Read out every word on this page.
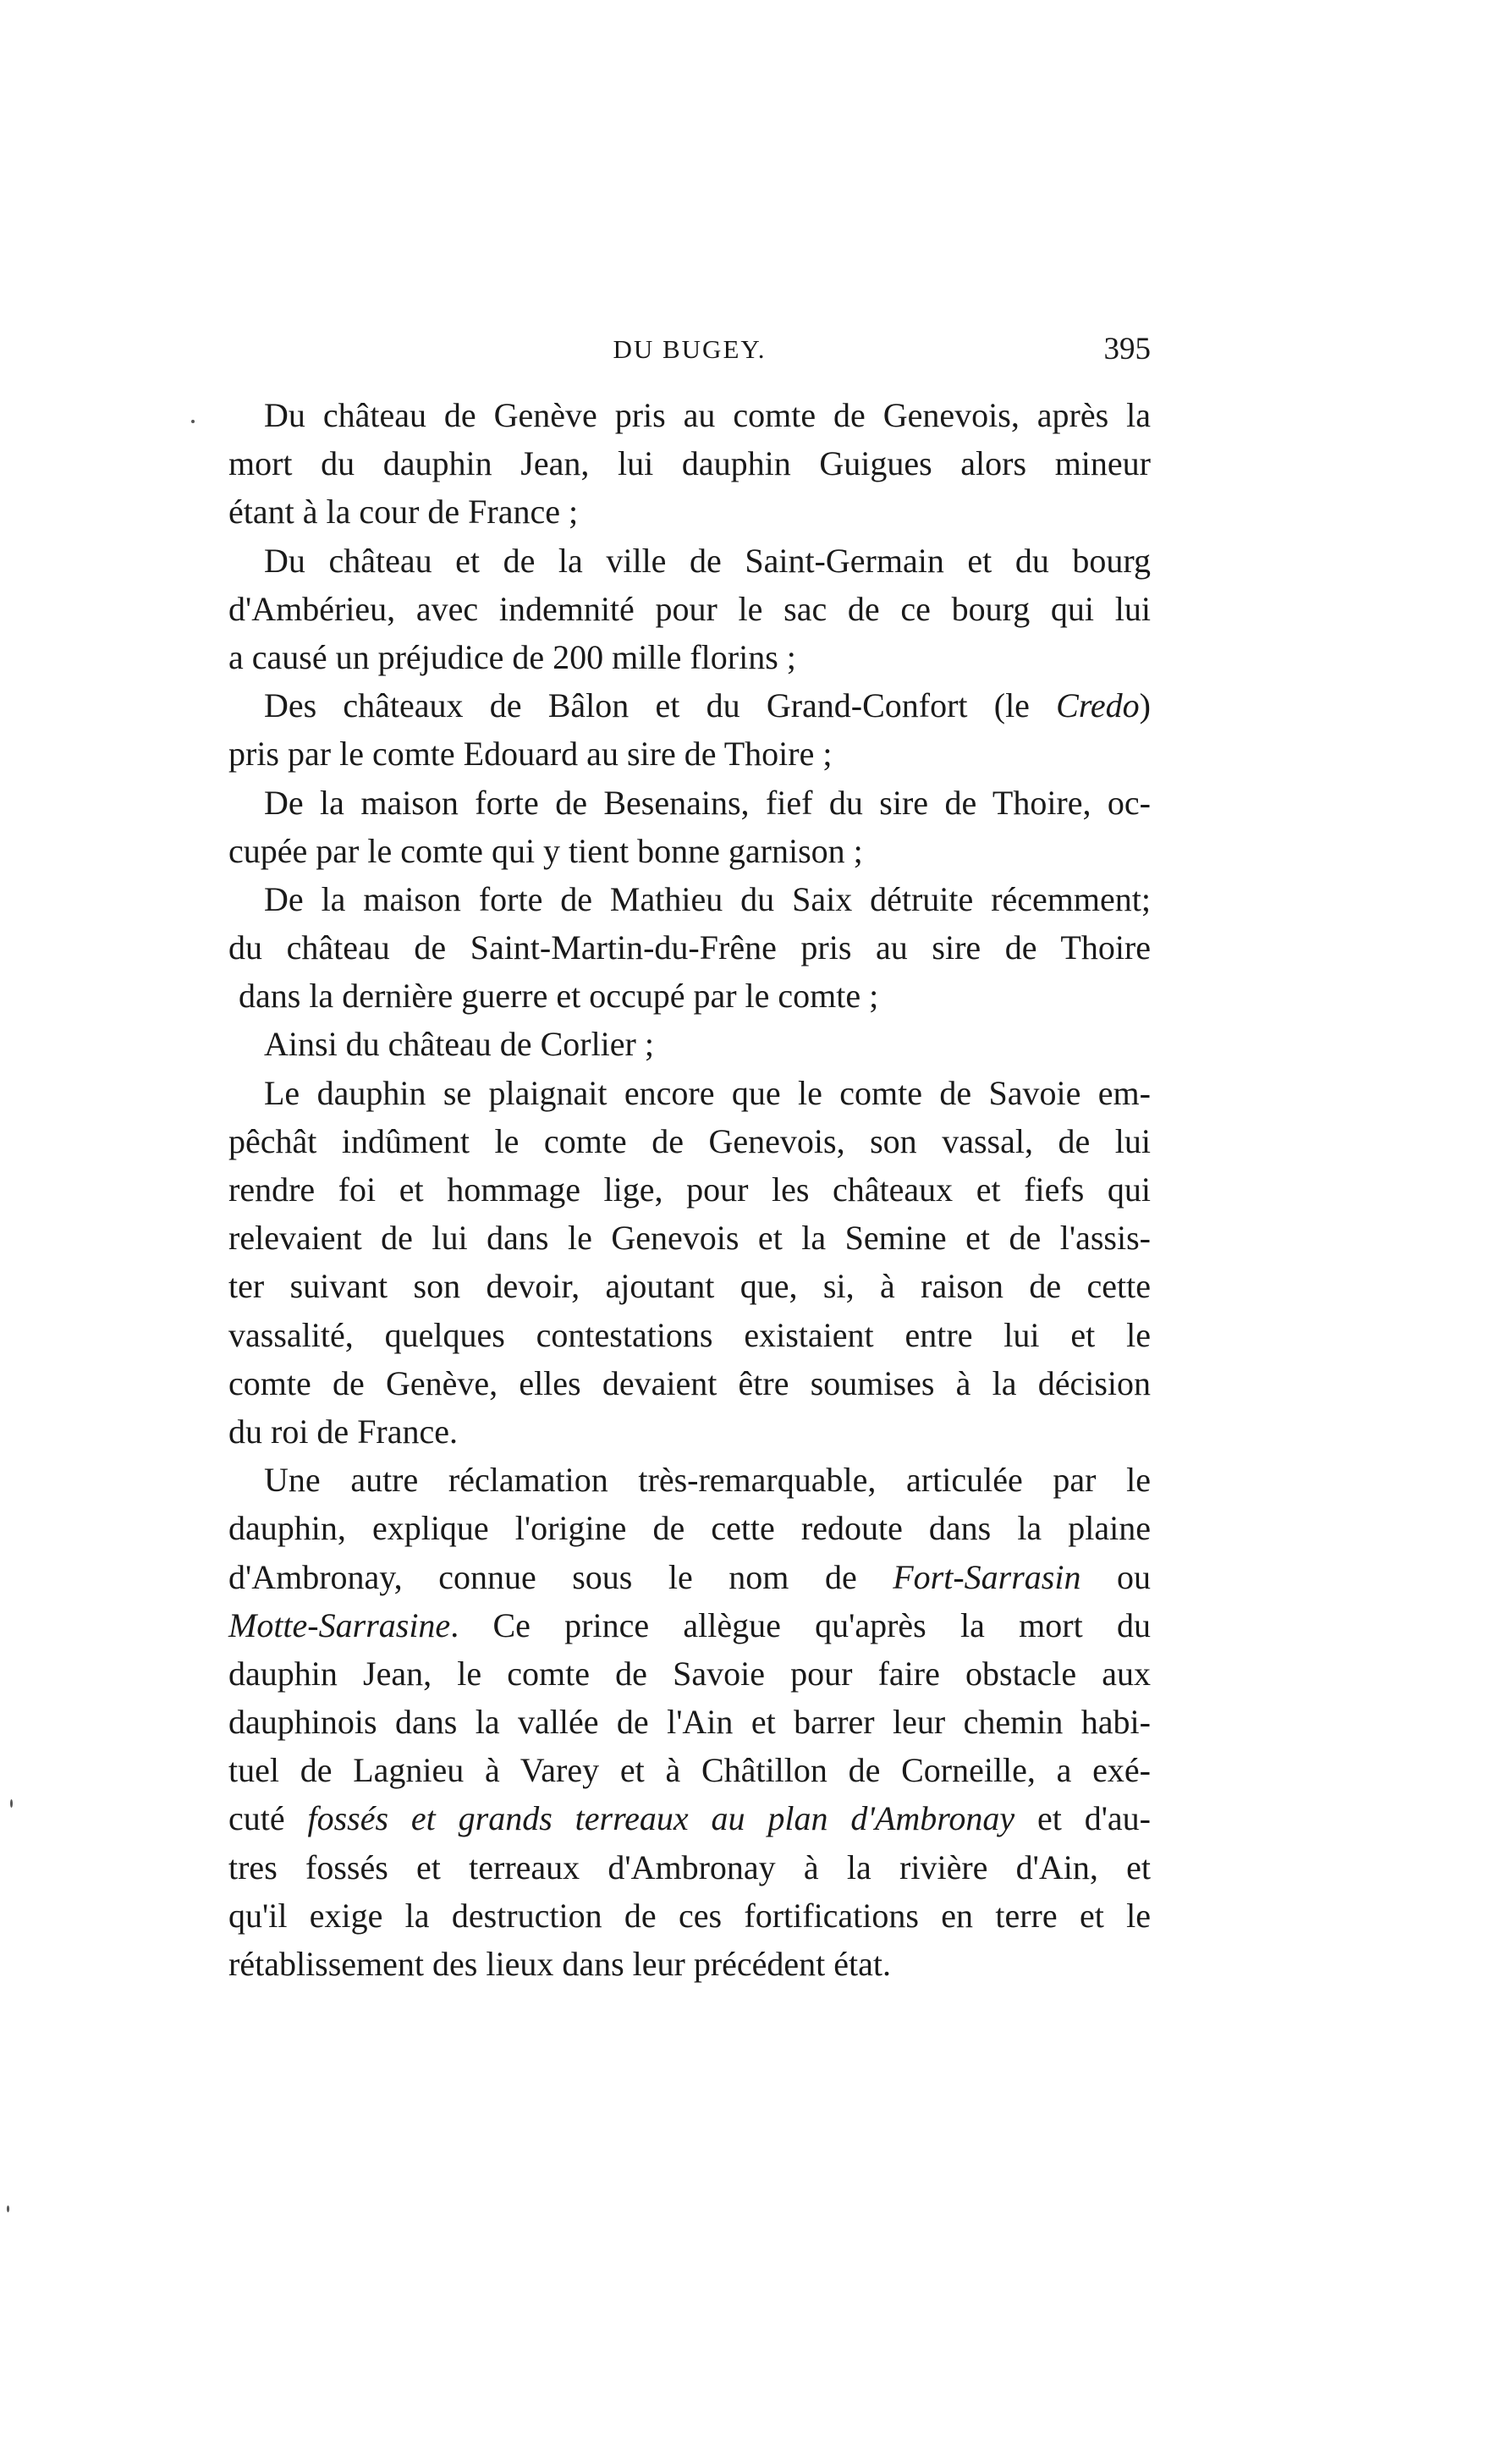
DU BUGEY.	395
Du château de Genève pris au comte de Genevois, après la
mort du dauphin Jean, lui dauphin Guigues alors mineur
étant à la cour de France ;
Du château et de la ville de Saint-Germain et du bourg
d'Ambérieu, avec indemnité pour le sac de ce bourg qui lui
a causé un préjudice de 200 mille florins ;
Des châteaux de Bâlon et du Grand-Confort (le Credo)
pris par le comte Edouard au sire de Thoire ;
De la maison forte de Besenains, fief du sire de Thoire, oc-
cupée par le comte qui y tient bonne garnison ;
De la maison forte de Mathieu du Saix détruite récemment;
du château de Saint-Martin-du-Frêne pris au sire de Thoire
dans la dernière guerre et occupé par le comte ;
Ainsi du château de Corlier ;
Le dauphin se plaignait encore que le comte de Savoie em-
pêchât indûment le comte de Genevois, son vassal, de lui
rendre foi et hommage lige, pour les châteaux et fiefs qui
relevaient de lui dans le Genevois et la Semine et de l'assis-
ter suivant son devoir, ajoutant que, si, à raison de cette
vassalité, quelques contestations existaient entre lui et le
comte de Genève, elles devaient être soumises à la décision
du roi de France.
Une autre réclamation très-remarquable, articulée par le
dauphin, explique l'origine de cette redoute dans la plaine
d'Ambronay, connue sous le nom de Fort-Sarrasin ou
Motte-Sarrasine. Ce prince allègue qu'après la mort du
dauphin Jean, le comte de Savoie pour faire obstacle aux
dauphinois dans la vallée de l'Ain et barrer leur chemin habi-
tuel de Lagnieu à Varey et à Châtillon de Corneille, a exé-
cuté fossés et grands terreaux au plan d'Ambronay et d'au-
tres fossés et terreaux d'Ambronay à la rivière d'Ain, et
qu'il exige la destruction de ces fortifications en terre et le
rétablissement des lieux dans leur précédent état.
